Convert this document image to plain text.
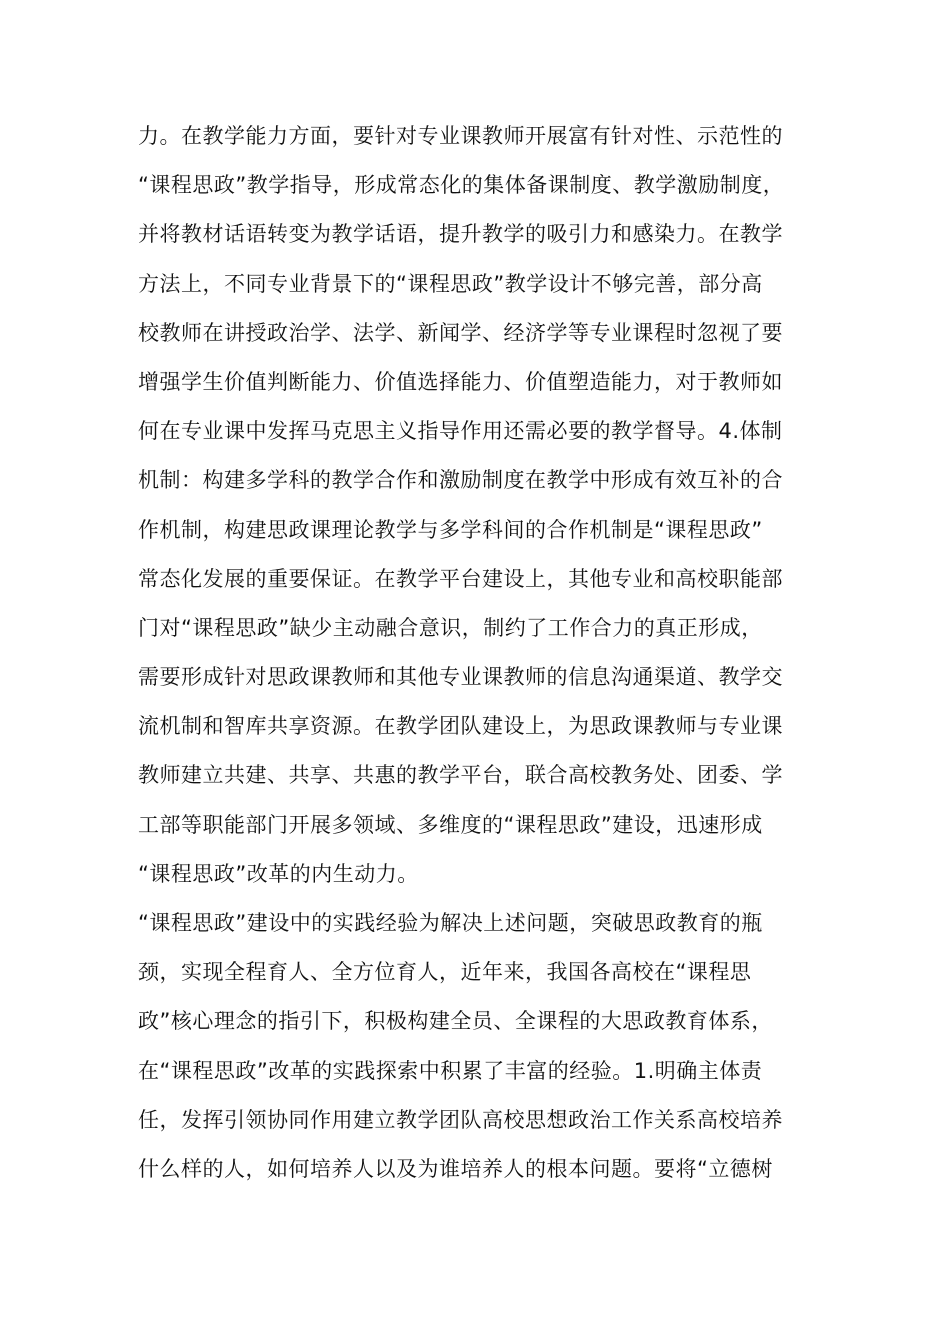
力。在教学能力方面，要针对专业课教师开展富有针对性、示范性的
“课程思政”教学指导，形成常态化的集体备课制度、教学激励制度，
并将教材话语转变为教学话语，提升教学的吸引力和感染力。在教学
方法上，不同专业背景下的“课程思政”教学设计不够完善，部分高
校教师在讲授政治学、法学、新闻学、经济学等专业课程时忽视了要
增强学生价值判断能力、价值选择能力、价值塑造能力，对于教师如
何在专业课中发挥马克思主义指导作用还需必要的教学督导。4.体制
机制：构建多学科的教学合作和激励制度在教学中形成有效互补的合
作机制，构建思政课理论教学与多学科间的合作机制是“课程思政”
常态化发展的重要保证。在教学平台建设上，其他专业和高校职能部
门对“课程思政”缺少主动融合意识，制约了工作合力的真正形成，
需要形成针对思政课教师和其他专业课教师的信息沟通渠道、教学交
流机制和智库共享资源。在教学团队建设上，为思政课教师与专业课
教师建立共建、共享、共惠的教学平台，联合高校教务处、团委、学
工部等职能部门开展多领域、多维度的“课程思政”建设，迅速形成
“课程思政”改革的内生动力。
“课程思政”建设中的实践经验为解决上述问题，突破思政教育的瓶
颈，实现全程育人、全方位育人，近年来，我国各高校在“课程思
政”核心理念的指引下，积极构建全员、全课程的大思政教育体系，
在“课程思政”改革的实践探索中积累了丰富的经验。1.明确主体责
任，发挥引领协同作用建立教学团队高校思想政治工作关系高校培养
什么样的人，如何培养人以及为谁培养人的根本问题。要将“立德树
